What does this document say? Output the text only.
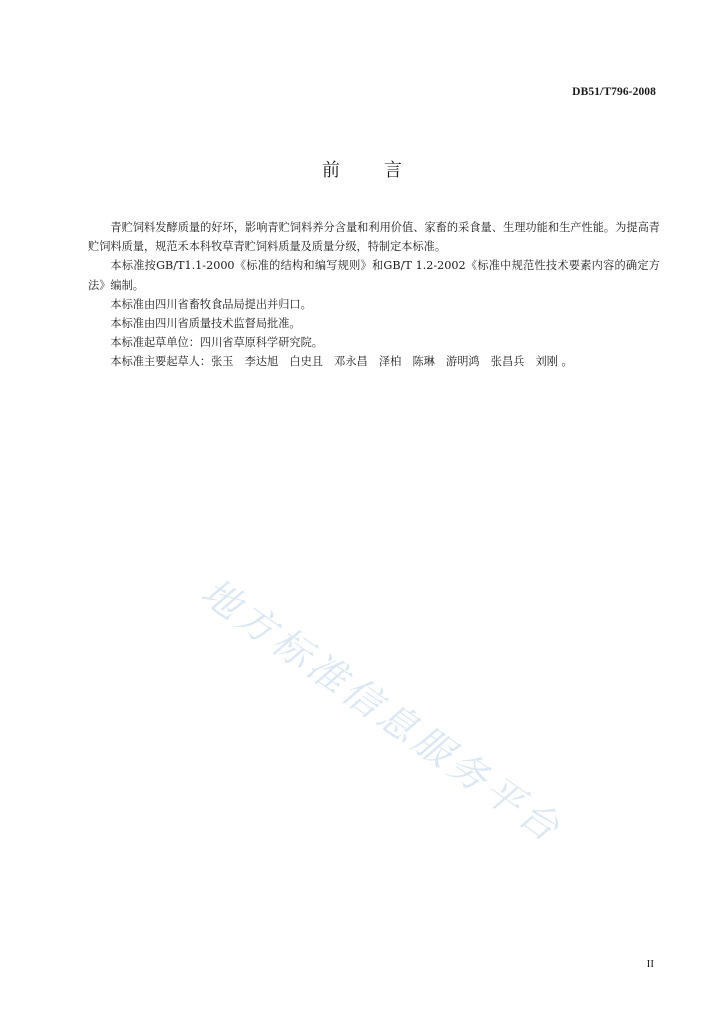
DB51/T796-2008
前言

青贮饲料发酵质量的好坏，影响青贮饲料养分含量和利用价值、家畜的采食量、生理功能和生产性能。为提高青贮饲料质量，规范禾本科牧草青贮饲料质量及质量分级，特制定本标准。

本标准按GB/T1.1-2000《标准的结构和编写规则》和GB/T 1.2-2002《标准中规范性技术要素内容的确定方法》编制。

本标准由四川省畜牧食品局提出并归口。

本标准由四川省质量技术监督局批准。

本标准起草单位：四川省草原科学研究院。

本标准主要起草人：张玉　李达旭　白史且　邓永昌　泽柏　陈琳　游明鸿　张昌兵　刘刚 。

地方标准信息服务平台
II
